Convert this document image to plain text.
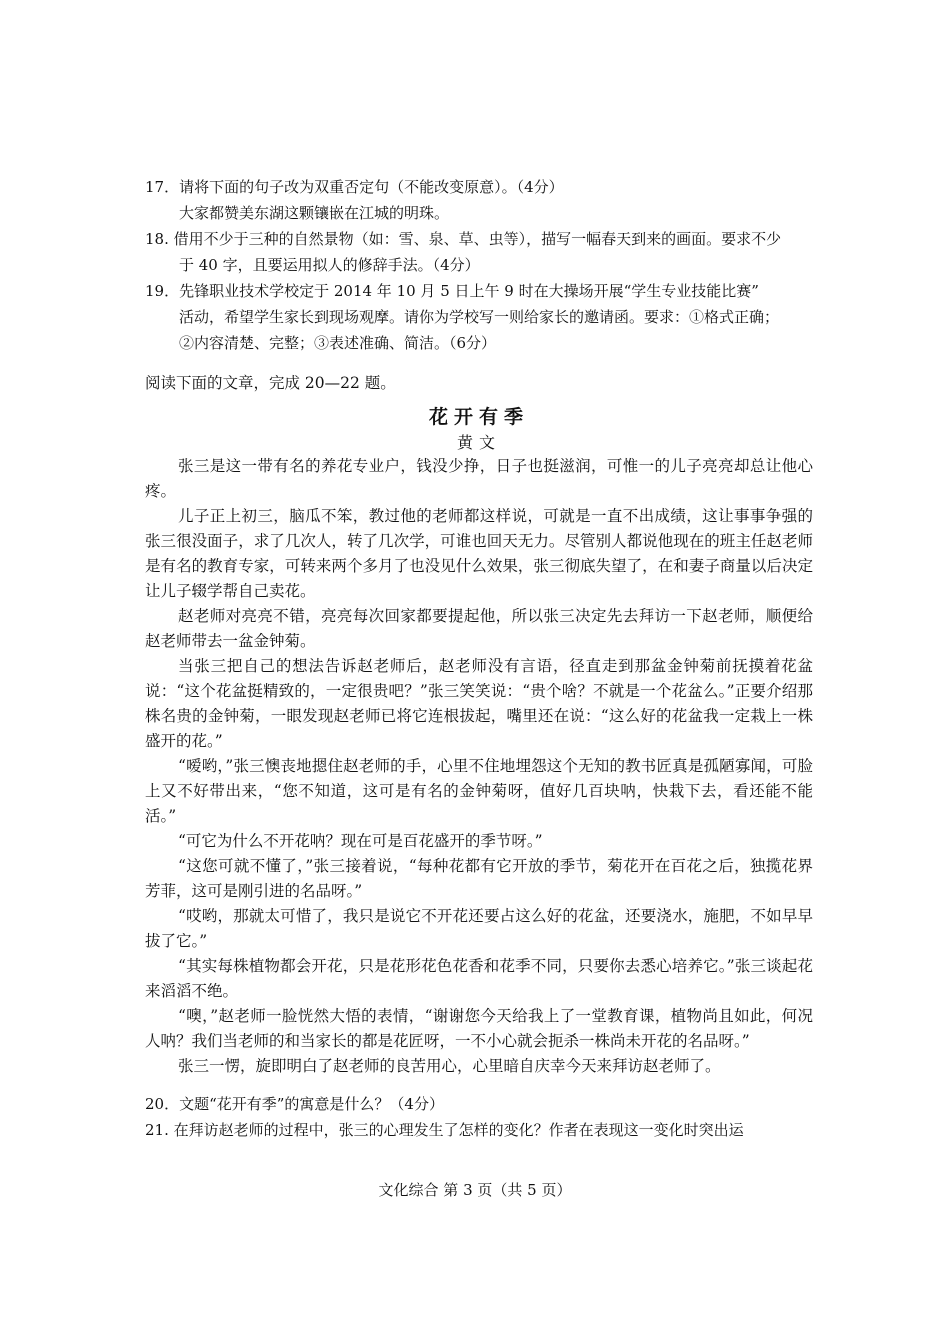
17．请将下面的句子改为双重否定句（不能改变原意）。（4分）

大家都赞美东湖这颗镶嵌在江城的明珠。

18. 借用不少于三种的自然景物（如：雪、泉、草、虫等），描写一幅春天到来的画面。要求不少

于 40 字，且要运用拟人的修辞手法。（4分）

19．先锋职业技术学校定于 2014 年 10 月 5 日上午 9 时在大操场开展“学生专业技能比赛”

活动，希望学生家长到现场观摩。请你为学校写一则给家长的邀请函。要求：①格式正确；

②内容清楚、完整；③表述准确、简洁。（6分）

阅读下面的文章，完成 20—22 题。

花开有季

黄文

张三是这一带有名的养花专业户，钱没少挣，日子也挺滋润，可惟一的儿子亮亮却总让他心疼。

儿子正上初三，脑瓜不笨，教过他的老师都这样说，可就是一直不出成绩，这让事事争强的张三很没面子，求了几次人，转了几次学，可谁也回天无力。尽管别人都说他现在的班主任赵老师是有名的教育专家，可转来两个多月了也没见什么效果，张三彻底失望了，在和妻子商量以后决定让儿子辍学帮自己卖花。

赵老师对亮亮不错，亮亮每次回家都要提起他，所以张三决定先去拜访一下赵老师，顺便给赵老师带去一盆金钟菊。

当张三把自己的想法告诉赵老师后，赵老师没有言语，径直走到那盆金钟菊前抚摸着花盆说：“这个花盆挺精致的，一定很贵吧？”张三笑笑说：“贵个啥？不就是一个花盆么。”正要介绍那株名贵的金钟菊，一眼发现赵老师已将它连根拔起，嘴里还在说：“这么好的花盆我一定栽上一株盛开的花。”

“嗳哟，”张三懊丧地摁住赵老师的手，心里不住地埋怨这个无知的教书匠真是孤陋寡闻，可脸上又不好带出来，“您不知道，这可是有名的金钟菊呀，值好几百块呐，快栽下去，看还能不能活。”

“可它为什么不开花呐？现在可是百花盛开的季节呀。”

“这您可就不懂了，”张三接着说，“每种花都有它开放的季节，菊花开在百花之后，独揽花界芳菲，这可是刚引进的名品呀。”

“哎哟，那就太可惜了，我只是说它不开花还要占这么好的花盆，还要浇水，施肥，不如早早拔了它。”

“其实每株植物都会开花，只是花形花色花香和花季不同，只要你去悉心培养它。”张三谈起花来滔滔不绝。

“噢，”赵老师一脸恍然大悟的表情，“谢谢您今天给我上了一堂教育课，植物尚且如此，何况人呐？我们当老师的和当家长的都是花匠呀，一不小心就会扼杀一株尚未开花的名品呀。”

张三一愣，旋即明白了赵老师的良苦用心，心里暗自庆幸今天来拜访赵老师了。

20．文题“花开有季”的寓意是什么？（4分）

21. 在拜访赵老师的过程中，张三的心理发生了怎样的变化？作者在表现这一变化时突出运

文化综合 第 3 页（共 5 页）
